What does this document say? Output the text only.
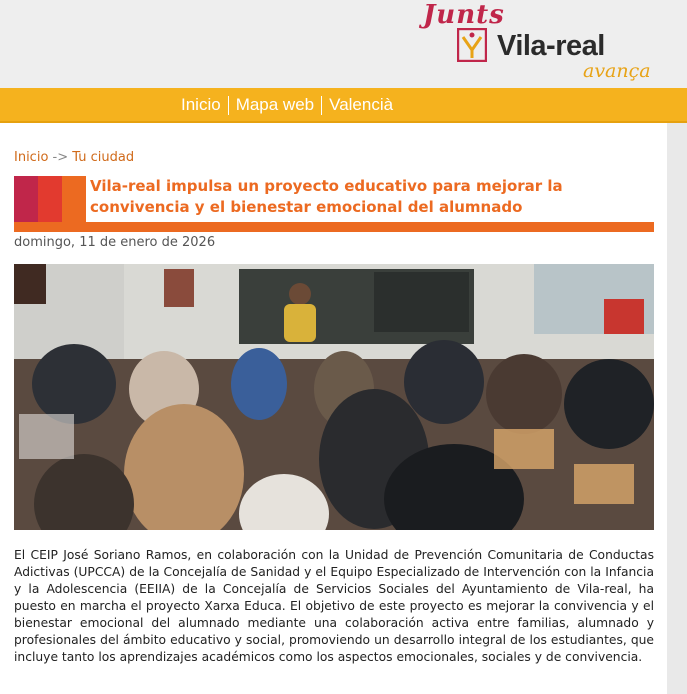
Junts
Vila-real
avança
Inicio Mapa web Valencià
Inicio -> Tu ciudad
Vila-real impulsa un proyecto educativo para mejorar la convivencia y el bienestar emocional del alumnado
domingo, 11 de enero de 2026

El CEIP José Soriano Ramos, en colaboración con la Unidad de Prevención Comunitaria de Conductas Adictivas (UPCCA) de la Concejalía de Sanidad y el Equipo Especializado de Intervención con la Infancia y la Adolescencia (EEIIA) de la Concejalía de Servicios Sociales del Ayuntamiento de Vila-real, ha puesto en marcha el proyecto Xarxa Educa. El objetivo de este proyecto es mejorar la convivencia y el bienestar emocional del alumnado mediante una colaboración activa entre familias, alumnado y profesionales del ámbito educativo y social, promoviendo un desarrollo integral de los estudiantes, que incluye tanto los aprendizajes académicos como los aspectos emocionales, sociales y de convivencia.
